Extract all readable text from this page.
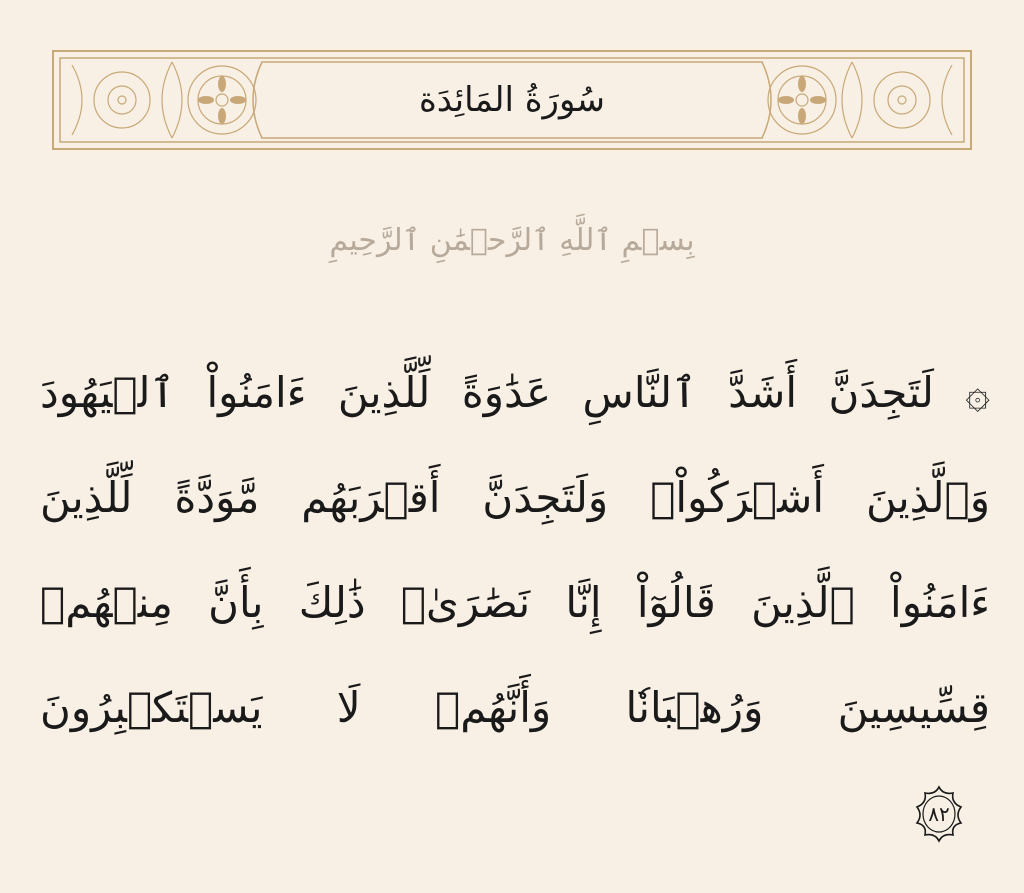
سُورَةُ المَائِدَة
بِسۡمِ ٱللَّهِ ٱلرَّحۡمَٰنِ ٱلرَّحِيمِ
۞ لَتَجِدَنَّ أَشَدَّ ٱلنَّاسِ عَدَٰوَةً لِّلَّذِينَ ءَامَنُواْ ٱلۡيَهُودَ
وَٱلَّذِينَ أَشۡرَكُواْۖ وَلَتَجِدَنَّ أَقۡرَبَهُم مَّوَدَّةً لِّلَّذِينَ
ءَامَنُواْ ٱلَّذِينَ قَالُوٓاْ إِنَّا نَصَٰرَىٰۚ ذَٰلِكَ بِأَنَّ مِنۡهُمۡ
قِسِّيسِينَ وَرُهۡبَانٗا وَأَنَّهُمۡ لَا يَسۡتَكۡبِرُونَ
٨٢
